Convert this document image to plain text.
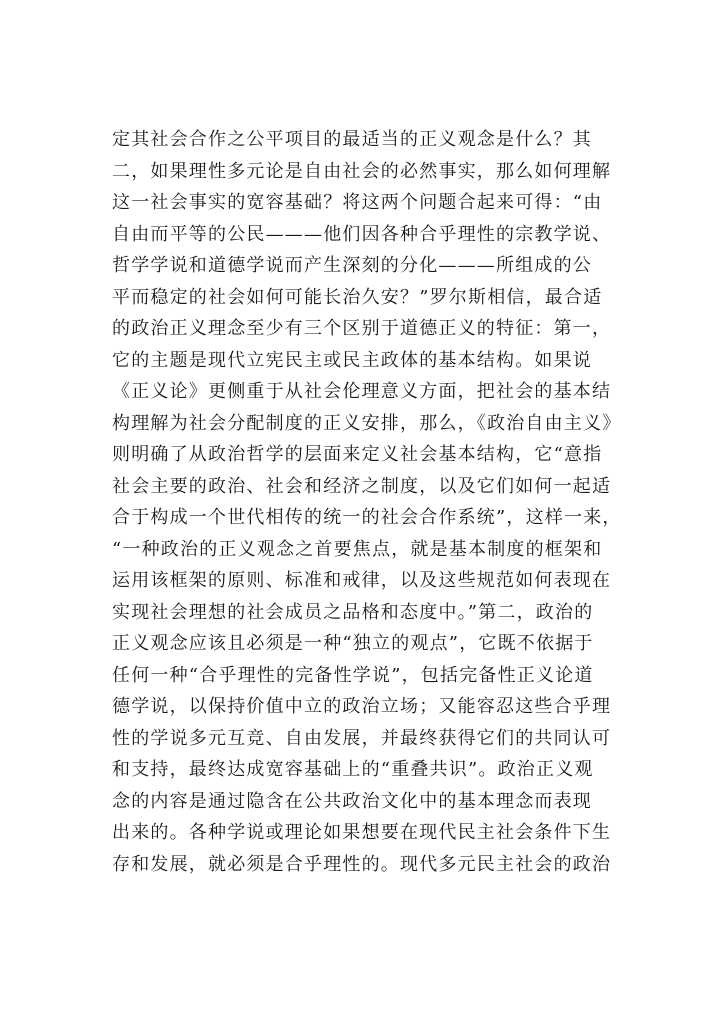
定其社会合作之公平项目的最适当的正义观念是什么？其
二，如果理性多元论是自由社会的必然事实，那么如何理解
这一社会事实的宽容基础？将这两个问题合起来可得：“由
自由而平等的公民———他们因各种合乎理性的宗教学说、
哲学学说和道德学说而产生深刻的分化———所组成的公
平而稳定的社会如何可能长治久安？”罗尔斯相信，最合适
的政治正义理念至少有三个区别于道德正义的特征：第一，
它的主题是现代立宪民主或民主政体的基本结构。如果说
《正义论》更侧重于从社会伦理意义方面，把社会的基本结
构理解为社会分配制度的正义安排，那么，《政治自由主义》
则明确了从政治哲学的层面来定义社会基本结构，它“意指
社会主要的政治、社会和经济之制度，以及它们如何一起适
合于构成一个世代相传的统一的社会合作系统”，这样一来，
“一种政治的正义观念之首要焦点，就是基本制度的框架和
运用该框架的原则、标准和戒律，以及这些规范如何表现在
实现社会理想的社会成员之品格和态度中。”第二，政治的
正义观念应该且必须是一种“独立的观点”，它既不依据于
任何一种“合乎理性的完备性学说”，包括完备性正义论道
德学说，以保持价值中立的政治立场；又能容忍这些合乎理
性的学说多元互竞、自由发展，并最终获得它们的共同认可
和支持，最终达成宽容基础上的“重叠共识”。政治正义观
念的内容是通过隐含在公共政治文化中的基本理念而表现
出来的。各种学说或理论如果想要在现代民主社会条件下生
存和发展，就必须是合乎理性的。现代多元民主社会的政治
